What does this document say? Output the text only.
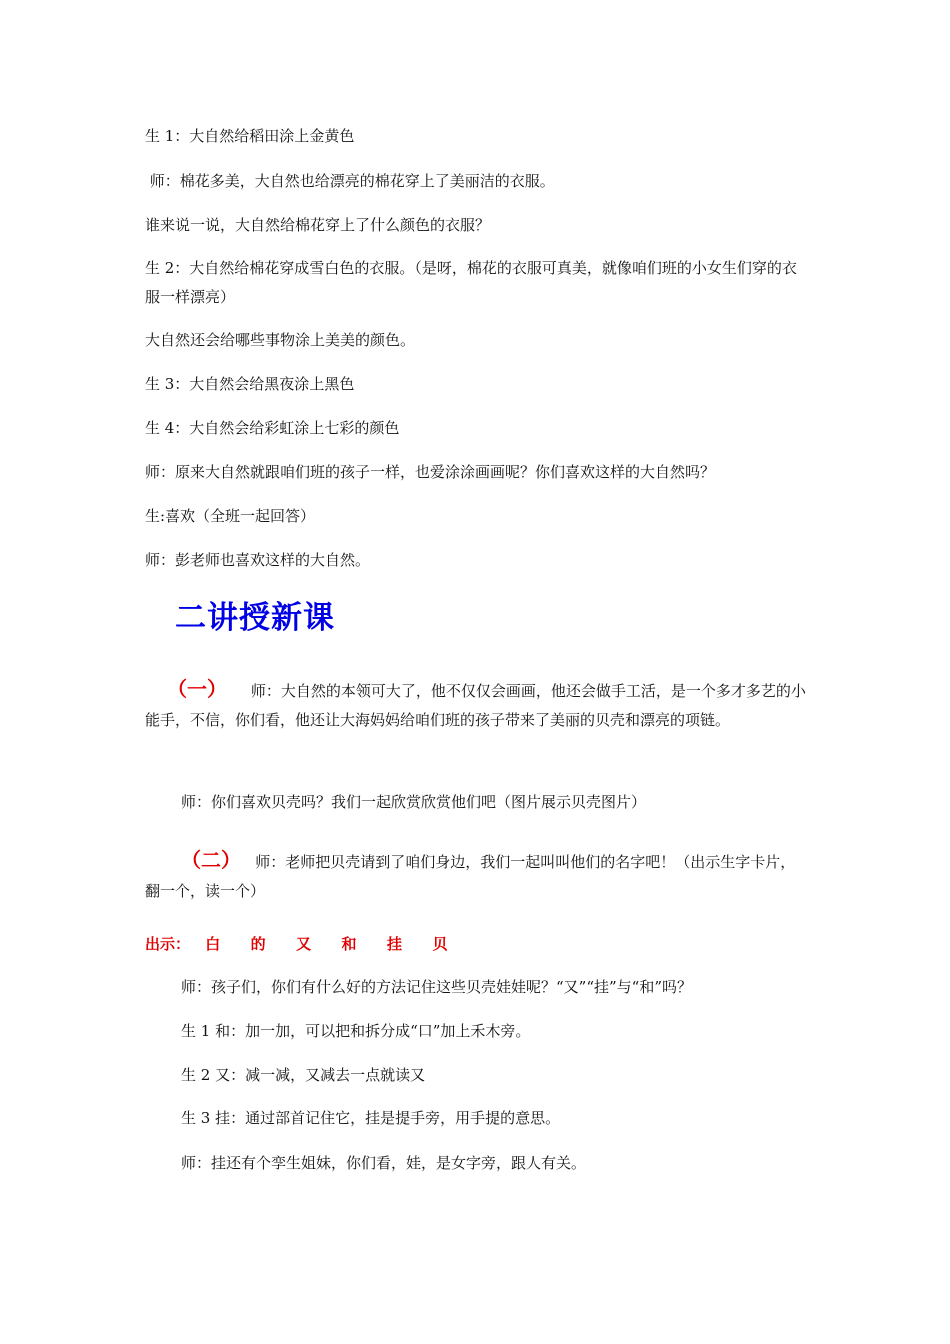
生 1：大自然给稻田涂上金黄色

师：棉花多美，大自然也给漂亮的棉花穿上了美丽洁的衣服。

谁来说一说，大自然给棉花穿上了什么颜色的衣服？

生 2：大自然给棉花穿成雪白色的衣服。（是呀，棉花的衣服可真美，就像咱们班的小女生们穿的衣服一样漂亮）

大自然还会给哪些事物涂上美美的颜色。

生 3：大自然会给黑夜涂上黑色

生 4：大自然会给彩虹涂上七彩的颜色

师：原来大自然就跟咱们班的孩子一样，也爱涂涂画画呢？你们喜欢这样的大自然吗？

生:喜欢（全班一起回答）

师：彭老师也喜欢这样的大自然。

二讲授新课

（一）     师：大自然的本领可大了，他不仅仅会画画，他还会做手工活，是一个多才多艺的小能手，不信，你们看，他还让大海妈妈给咱们班的孩子带来了美丽的贝壳和漂亮的项链。

师：你们喜欢贝壳吗？我们一起欣赏欣赏他们吧（图片展示贝壳图片）

（二）   师：老师把贝壳请到了咱们身边，我们一起叫叫他们的名字吧！（出示生字卡片，翻一个，读一个）

出示： 白  的  又  和  挂  贝

师：孩子们，你们有什么好的方法记住这些贝壳娃娃呢？“又”“挂”与“和”吗？

生 1 和：加一加，可以把和拆分成“口”加上禾木旁。

生 2 又：减一减，又减去一点就读又

生 3 挂：通过部首记住它，挂是提手旁，用手提的意思。

师：挂还有个孪生姐妹，你们看，娃，是女字旁，跟人有关。
